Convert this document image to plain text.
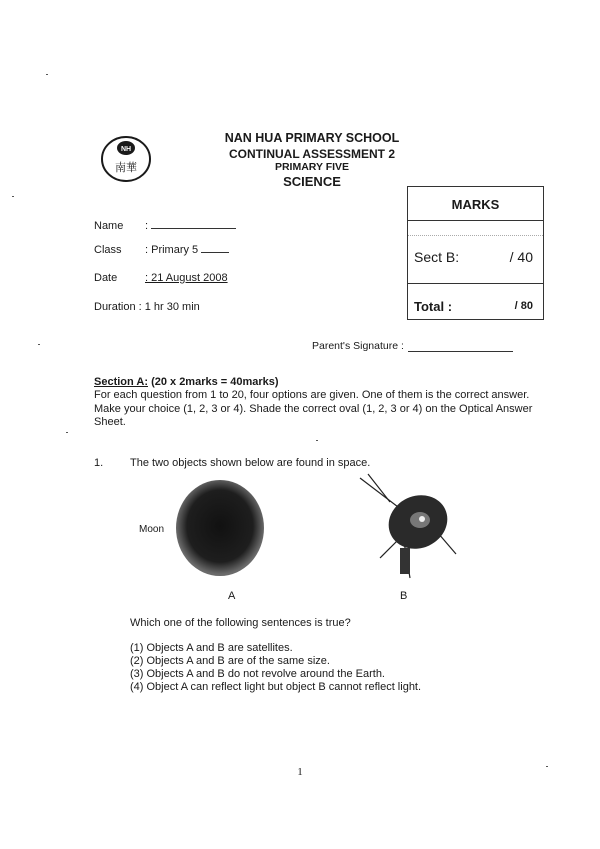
NH
南華
NAN HUA PRIMARY SCHOOL
CONTINUAL ASSESSMENT 2
PRIMARY FIVE
SCIENCE
Name :
Class : Primary 5
Date	: 21 August 2008
Duration : 1 hr 30 min
MARKS
Sect B:	/ 40
Total :	/ 80
Parent's Signature :
Section A: (20 x 2marks = 40marks)
For each question from 1 to 20, four options are given. One of them is the correct answer. Make your choice (1, 2, 3 or 4). Shade the correct oval (1, 2, 3 or 4) on the Optical Answer Sheet.
1. The two objects shown below are found in space.
Moon
A	B
Which one of the following sentences is true?
(1) Objects A and B are satellites.
(2) Objects A and B are of the same size.
(3) Objects A and B do not revolve around the Earth.
(4) Object A can reflect light but object B cannot reflect light.
1
